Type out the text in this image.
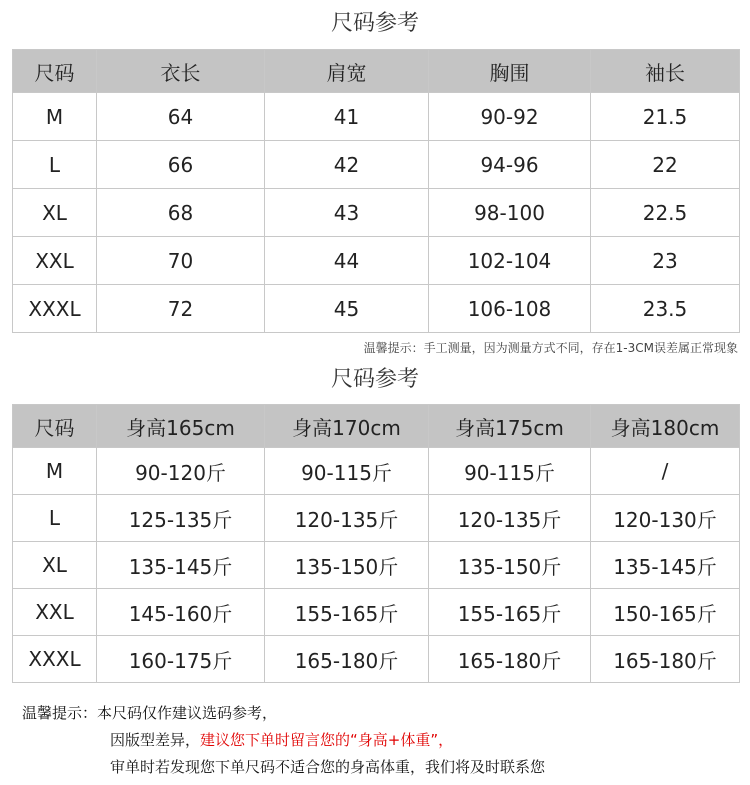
尺码参考
尺码	衣长	肩宽	胸围	袖长
M	64	41	90-92	21.5
L	66	42	94-96	22
XL	68	43	98-100	22.5
XXL	70	44	102-104	23
XXXL	72	45	106-108	23.5
温馨提示：手工测量，因为测量方式不同，存在1-3CM误差属正常现象
尺码参考
尺码	身高165cm	身高170cm	身高175cm	身高180cm
M	90-120斤	90-115斤	90-115斤	/
L	125-135斤	120-135斤	120-135斤	120-130斤
XL	135-145斤	135-150斤	135-150斤	135-145斤
XXL	145-160斤	155-165斤	155-165斤	150-165斤
XXXL	160-175斤	165-180斤	165-180斤	165-180斤
温馨提示：本尺码仅作建议选码参考，
因版型差异，建议您下单时留言您的“身高+体重”，
审单时若发现您下单尺码不适合您的身高体重，我们将及时联系您
